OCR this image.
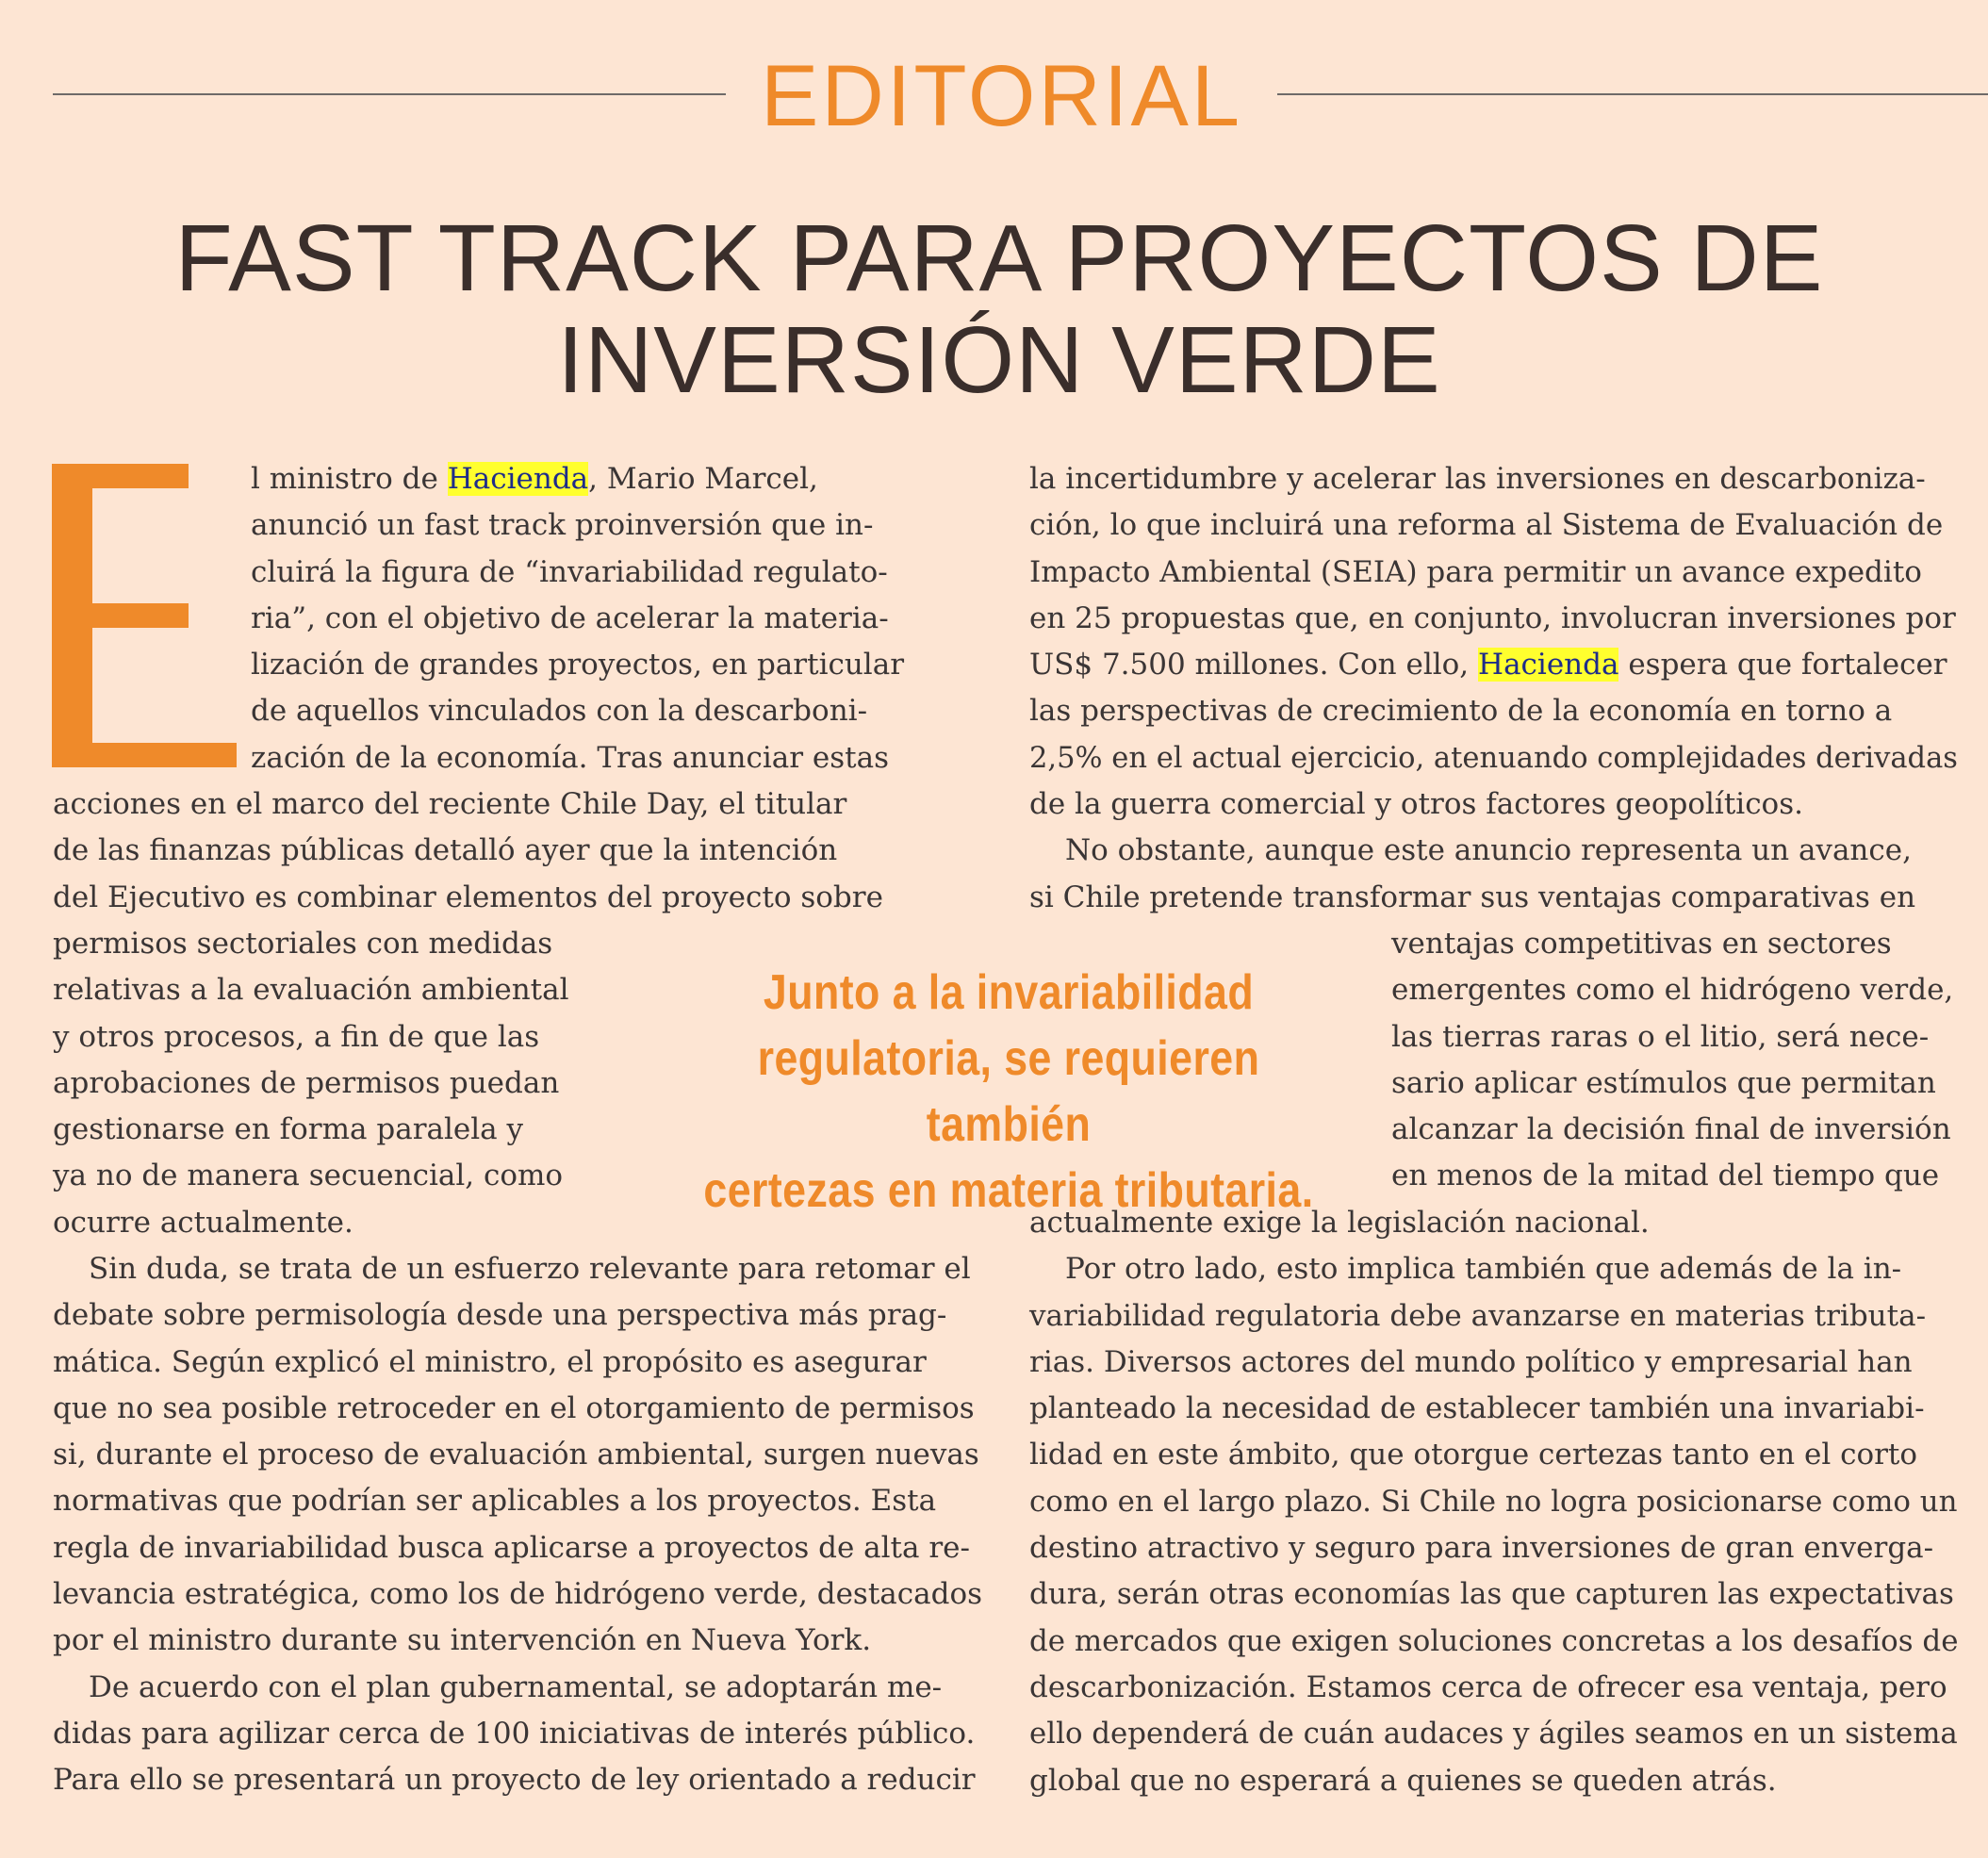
EDITORIAL
FAST TRACK PARA PROYECTOS DE
INVERSIÓN VERDE
l ministro de Hacienda, Mario Marcel,
anunció un fast track proinversión que in-
cluirá la figura de “invariabilidad regulato-
ria”, con el objetivo de acelerar la materia-
lización de grandes proyectos, en particular
de aquellos vinculados con la descarboni-
zación de la economía. Tras anunciar estas
acciones en el marco del reciente Chile Day, el titular
de las finanzas públicas detalló ayer que la intención
del Ejecutivo es combinar elementos del proyecto sobre
permisos sectoriales con medidas
relativas a la evaluación ambiental
y otros procesos, a fin de que las
aprobaciones de permisos puedan
gestionarse en forma paralela y
ya no de manera secuencial, como
ocurre actualmente.
Sin duda, se trata de un esfuerzo relevante para retomar el
debate sobre permisología desde una perspectiva más prag-
mática. Según explicó el ministro, el propósito es asegurar
que no sea posible retroceder en el otorgamiento de permisos
si, durante el proceso de evaluación ambiental, surgen nuevas
normativas que podrían ser aplicables a los proyectos. Esta
regla de invariabilidad busca aplicarse a proyectos de alta re-
levancia estratégica, como los de hidrógeno verde, destacados
por el ministro durante su intervención en Nueva York.
De acuerdo con el plan gubernamental, se adoptarán me-
didas para agilizar cerca de 100 iniciativas de interés público.
Para ello se presentará un proyecto de ley orientado a reducir
Junto a la invariabilidad
regulatoria, se requieren también
certezas en materia tributaria.
la incertidumbre y acelerar las inversiones en descarboniza-
ción, lo que incluirá una reforma al Sistema de Evaluación de
Impacto Ambiental (SEIA) para permitir un avance expedito
en 25 propuestas que, en conjunto, involucran inversiones por
US$ 7.500 millones. Con ello, Hacienda espera que fortalecer
las perspectivas de crecimiento de la economía en torno a
2,5% en el actual ejercicio, atenuando complejidades derivadas
de la guerra comercial y otros factores geopolíticos.
No obstante, aunque este anuncio representa un avance,
si Chile pretende transformar sus ventajas comparativas en
ventajas competitivas en sectores
emergentes como el hidrógeno verde,
las tierras raras o el litio, será nece-
sario aplicar estímulos que permitan
alcanzar la decisión final de inversión
en menos de la mitad del tiempo que
actualmente exige la legislación nacional.
Por otro lado, esto implica también que además de la in-
variabilidad regulatoria debe avanzarse en materias tributa-
rias. Diversos actores del mundo político y empresarial han
planteado la necesidad de establecer también una invariabi-
lidad en este ámbito, que otorgue certezas tanto en el corto
como en el largo plazo. Si Chile no logra posicionarse como un
destino atractivo y seguro para inversiones de gran enverga-
dura, serán otras economías las que capturen las expectativas
de mercados que exigen soluciones concretas a los desafíos de
descarbonización. Estamos cerca de ofrecer esa ventaja, pero
ello dependerá de cuán audaces y ágiles seamos en un sistema
global que no esperará a quienes se queden atrás.
